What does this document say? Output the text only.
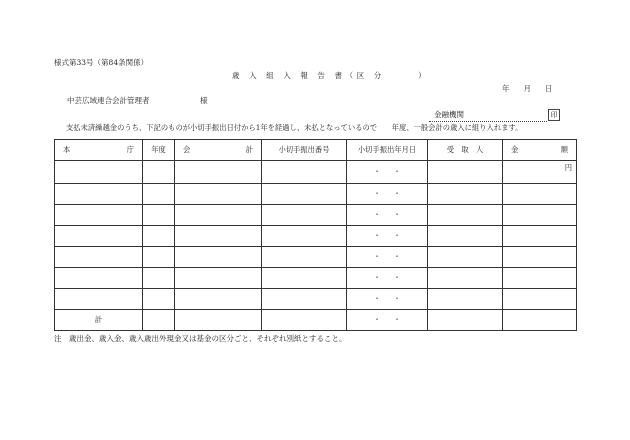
様式第33号（第84条関係）
歳 入 組 入 報 告 書（区 分　　　）
年 月 日
中芸広域連合会計管理者	様
金融機関	印
支払未済繰越金のうち、下記のものが小切手振出日付から1年を経過し、未払となっているので　　年度、一般会計の歳入に組り入れます。
本 庁	年度	会 計	小切手振出番号	小切手振出年月日	受　取　人	金 額

				・ ・		円
				・ ・		
				・ ・		
				・ ・		
				・ ・		
				・ ・		
				・ ・		
計				・ ・		
注　歳出金、歳入金、歳入歳出外現金又は基金の区分ごと、それぞれ別紙とすること。
